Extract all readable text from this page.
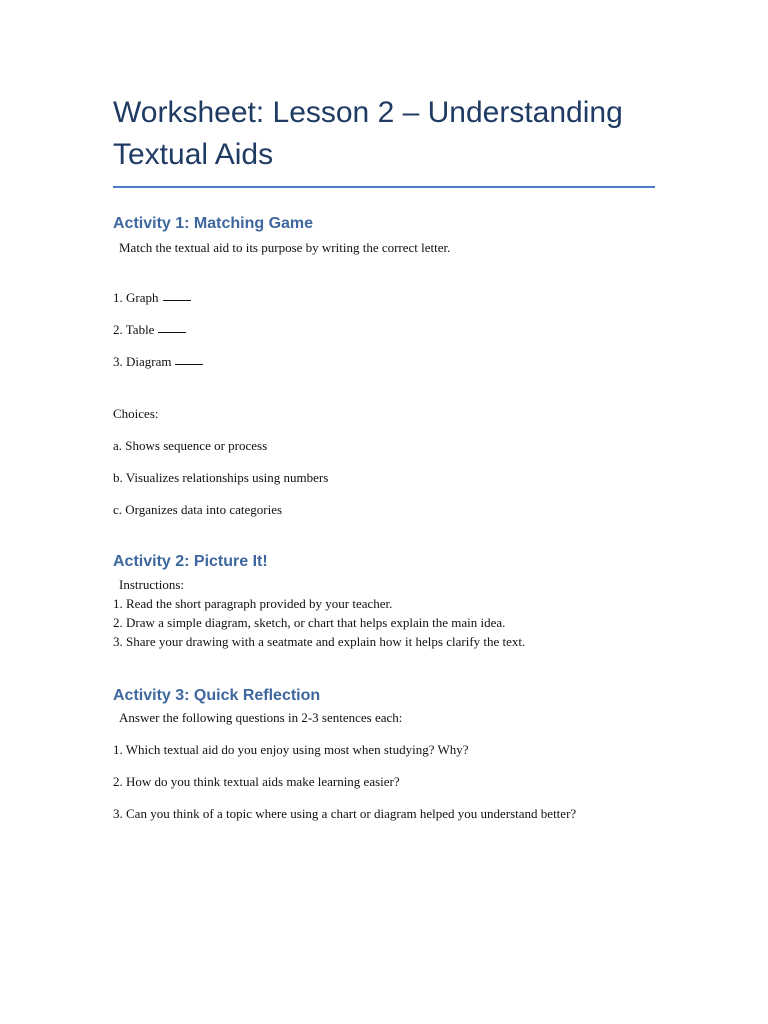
Worksheet: Lesson 2 – Understanding
Textual Aids
Activity 1: Matching Game

Match the textual aid to its purpose by writing the correct letter.

1. Graph

2. Table

3. Diagram

Choices:

a. Shows sequence or process

b. Visualizes relationships using numbers

c. Organizes data into categories

Activity 2: Picture It!

Instructions:

1. Read the short paragraph provided by your teacher.

2. Draw a simple diagram, sketch, or chart that helps explain the main idea.

3. Share your drawing with a seatmate and explain how it helps clarify the text.

Activity 3: Quick Reflection

Answer the following questions in 2-3 sentences each:

1. Which textual aid do you enjoy using most when studying? Why?

2. How do you think textual aids make learning easier?

3. Can you think of a topic where using a chart or diagram helped you understand better?
